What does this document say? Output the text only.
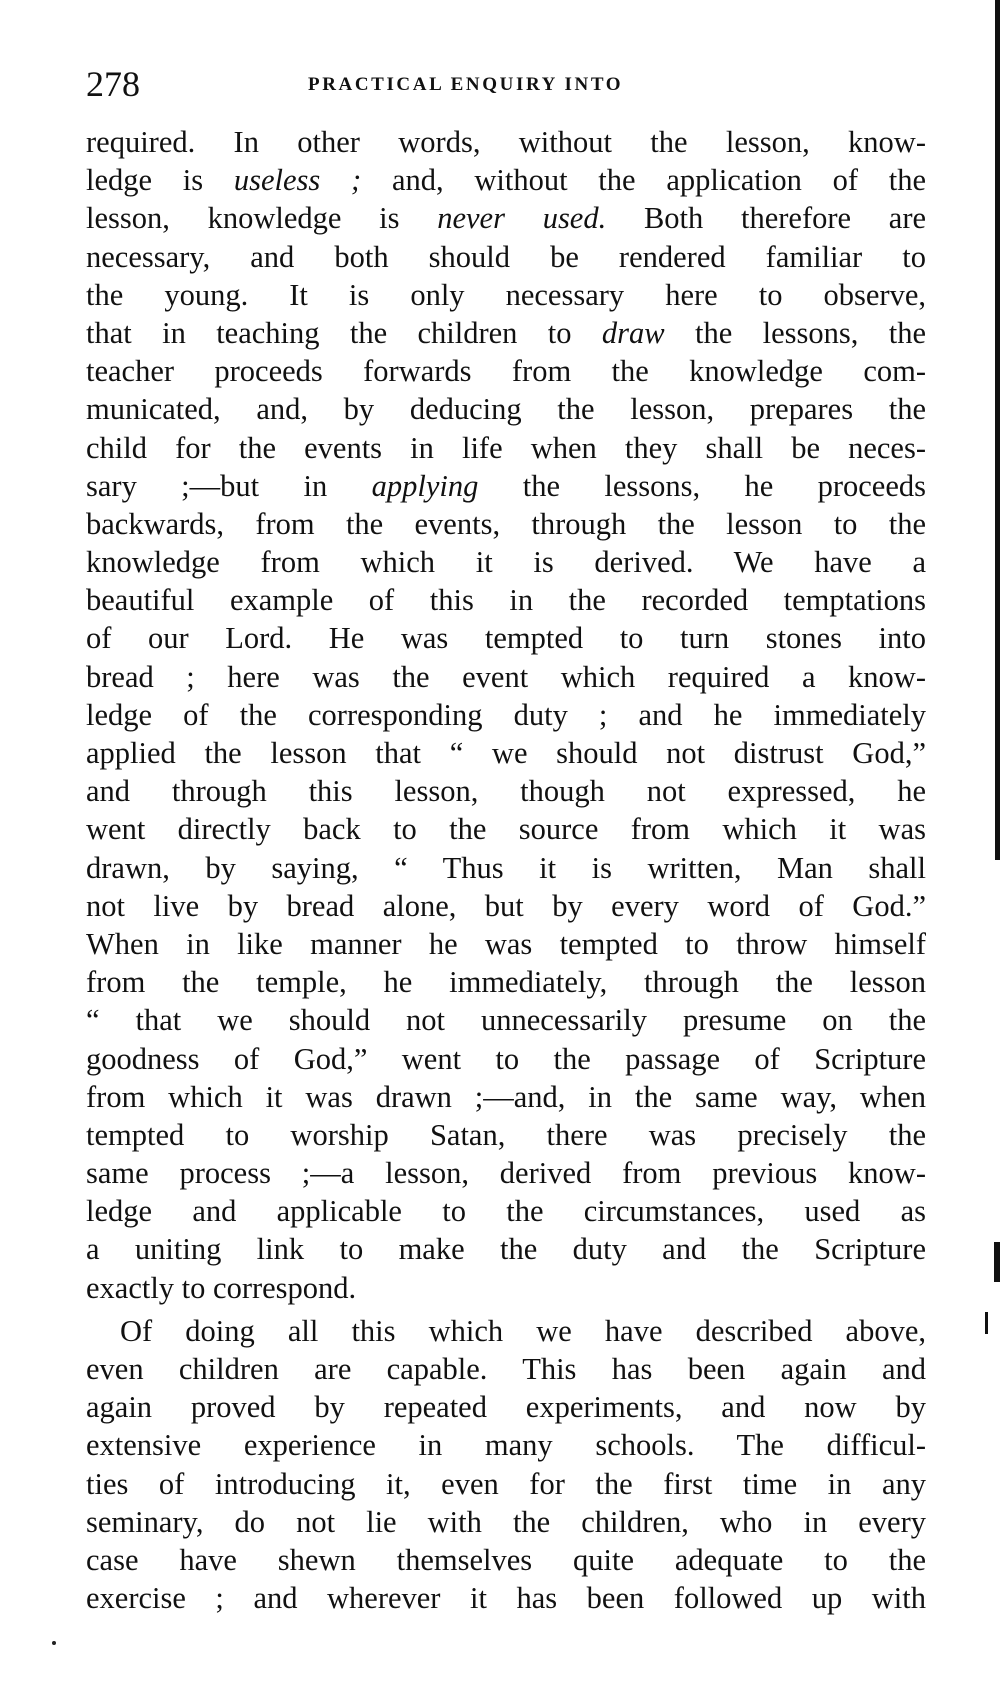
278	PRACTICAL ENQUIRY INTO
required. In other words, without the lesson, know-
ledge is useless ; and, without the application of the
lesson, knowledge is never used. Both therefore are
necessary, and both should be rendered familiar to
the young. It is only necessary here to observe,
that in teaching the children to draw the lessons, the
teacher proceeds forwards from the knowledge com-
municated, and, by deducing the lesson, prepares the
child for the events in life when they shall be neces-
sary ;—but in applying the lessons, he proceeds
backwards, from the events, through the lesson to the
knowledge from which it is derived. We have a
beautiful example of this in the recorded temptations
of our Lord. He was tempted to turn stones into
bread ; here was the event which required a know-
ledge of the corresponding duty ; and he immediately
applied the lesson that “ we should not distrust God,”
and through this lesson, though not expressed, he
went directly back to the source from which it was
drawn, by saying, “ Thus it is written, Man shall
not live by bread alone, but by every word of God.”
When in like manner he was tempted to throw himself
from the temple, he immediately, through the lesson
“ that we should not unnecessarily presume on the
goodness of God,” went to the passage of Scripture
from which it was drawn ;—and, in the same way, when
tempted to worship Satan, there was precisely the
same process ;—a lesson, derived from previous know-
ledge and applicable to the circumstances, used as
a uniting link to make the duty and the Scripture
exactly to correspond.
Of doing all this which we have described above,
even children are capable. This has been again and
again proved by repeated experiments, and now by
extensive experience in many schools. The difficul-
ties of introducing it, even for the first time in any
seminary, do not lie with the children, who in every
case have shewn themselves quite adequate to the
exercise ; and wherever it has been followed up with
